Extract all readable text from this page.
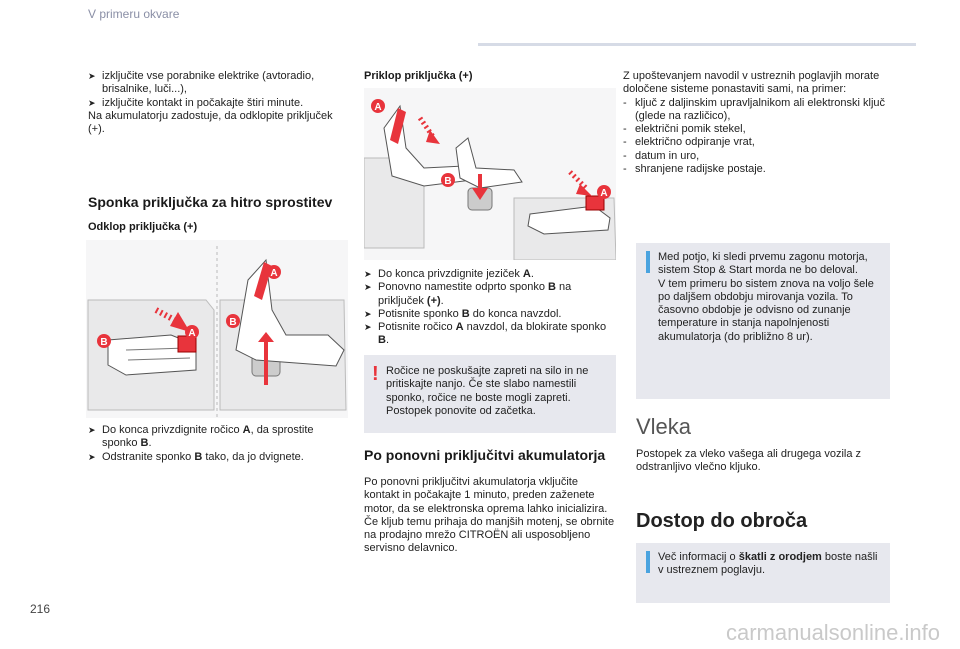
V primeru okvare
➤ izključite vse porabnike elektrike (avtoradio, brisalnike, luči...),
➤ izključite kontakt in počakajte štiri minute.
Na akumulatorju zadostuje, da odklopite priključek (+).
Sponka priključka za hitro sprostitev
Odklop priključka (+)
B
A
A
B
➤ Do konca privzdignite ročico A, da sprostite sponko B.
➤ Odstranite sponko B tako, da jo dvignete.
Priklop priključka (+)
A
B
A
➤ Do konca privzdignite jeziček A.
➤ Ponovno namestite odprto sponko B na priključek (+).
➤ Potisnite sponko B do konca navzdol.
➤ Potisnite ročico A navzdol, da blokirate sponko B.
! Ročice ne poskušajte zapreti na silo in ne pritiskajte nanjo. Če ste slabo namestili sponko, ročice ne boste mogli zapreti. Postopek ponovite od začetka.
Po ponovni priključitvi akumulatorja
Po ponovni priključitvi akumulatorja vključite kontakt in počakajte 1 minuto, preden zaženete motor, da se elektronska oprema lahko inicializira.
Če kljub temu prihaja do manjših motenj, se obrnite na prodajno mrežo CITROËN ali usposobljeno servisno delavnico.
Z upoštevanjem navodil v ustreznih poglavjih morate določene sisteme ponastaviti sami, na primer:
- ključ z daljinskim upravljalnikom ali elektronski ključ (glede na različico),
- električni pomik stekel,
- električno odpiranje vrat,
- datum in uro,
- shranjene radijske postaje.
Med potjo, ki sledi prvemu zagonu motorja, sistem Stop & Start morda ne bo deloval.
V tem primeru bo sistem znova na voljo šele po daljšem obdobju mirovanja vozila. To časovno obdobje je odvisno od zunanje temperature in stanja napolnjenosti akumulatorja (do približno 8 ur).
Vleka
Postopek za vleko vašega ali drugega vozila z odstranljivo vlečno kljuko.
Dostop do obroča
Več informacij o škatli z orodjem boste našli v ustreznem poglavju.
216
carmanualsonline.info
